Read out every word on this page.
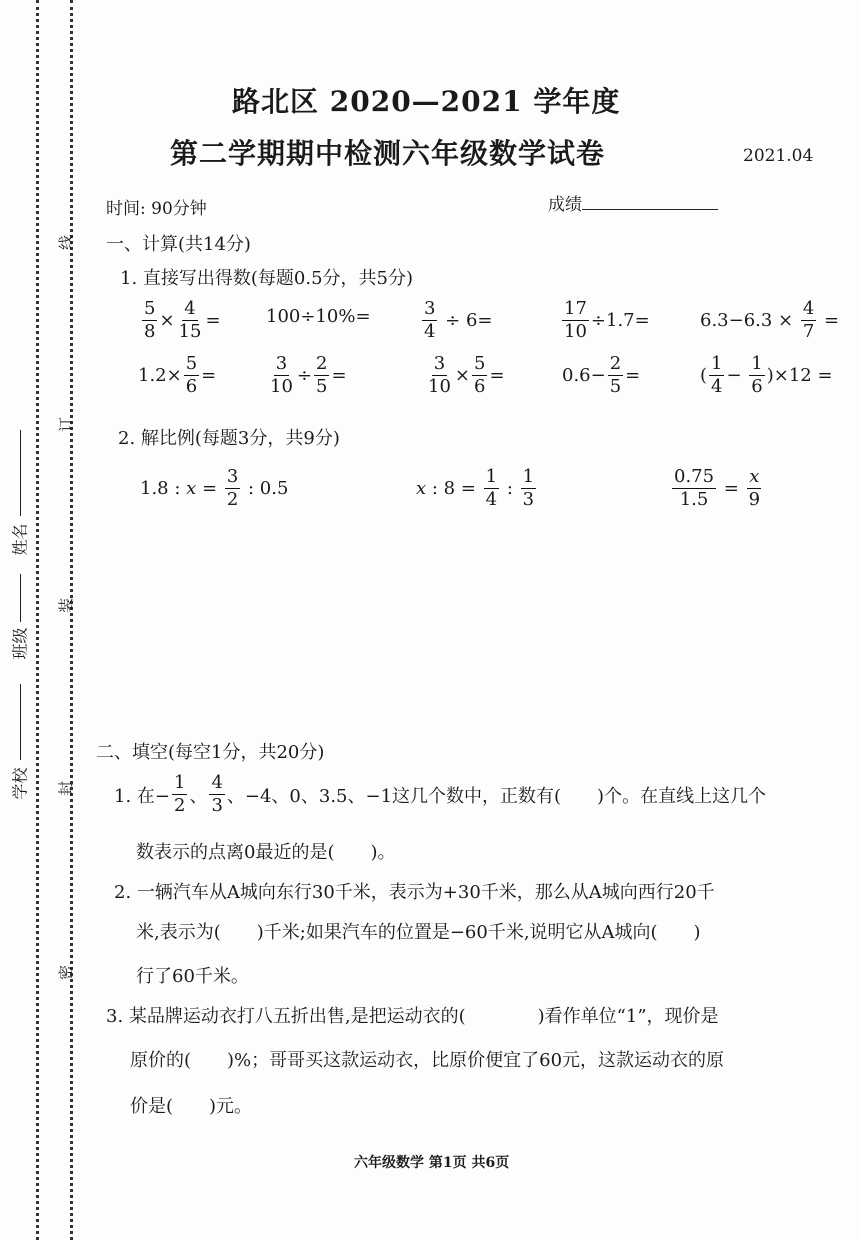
线
订
装
封
密
姓名
班级
学校
路北区 2020—2021 学年度
第二学期期中检测六年级数学试卷	2021.04
时间: 90分钟	成绩
一、计算(共14分)
1. 直接写出得数(每题0.5分，共5分)
$\frac{5}{8} \times \frac{4}{15}$ =	100÷10%=	$\frac{3}{4} \div 6=$	$\frac{17}{10} \div 1.7=$	$6.3-6.3 \times \frac{4}{7}$ =
$1.2\times \frac{5}{6}$ =	$\frac{3}{10} \div \frac{2}{5}$ =	$\frac{3}{10} \times \frac{5}{6}$ =	$0.6- \frac{2}{5}$ =	( $\frac{1}{4} - \frac{1}{6} )\times 12$ =
2. 解比例(每题3分，共9分)
1.8 : $x = \frac{3}{2}$ : 0.5	x : $8 = \frac{1}{4}$ : $\frac{1}{3}$	$\frac{0.75}{1.5} = \frac{x}{9}$
二、填空(每空1分，共20分)
1. 在− $\frac{1}{2}$ 、 $\frac{4}{3}$ 、−4、0、3.5、−1这几个数中，正数有(　　)个。在直线上这几个
数表示的点离0最近的是(　　)。
2. 一辆汽车从A城向东行30千米，表示为+30千米，那么从A城向西行20千
米,表示为(　　)千米;如果汽车的位置是−60千米,说明它从A城向(　　)
行了60千米。
3. 某品牌运动衣打八五折出售,是把运动衣的(　　　　)看作单位“1”，现价是
原价的(　　)%；哥哥买这款运动衣，比原价便宜了60元，这款运动衣的原
价是(　　)元。
六年级数学 第1页 共6页
